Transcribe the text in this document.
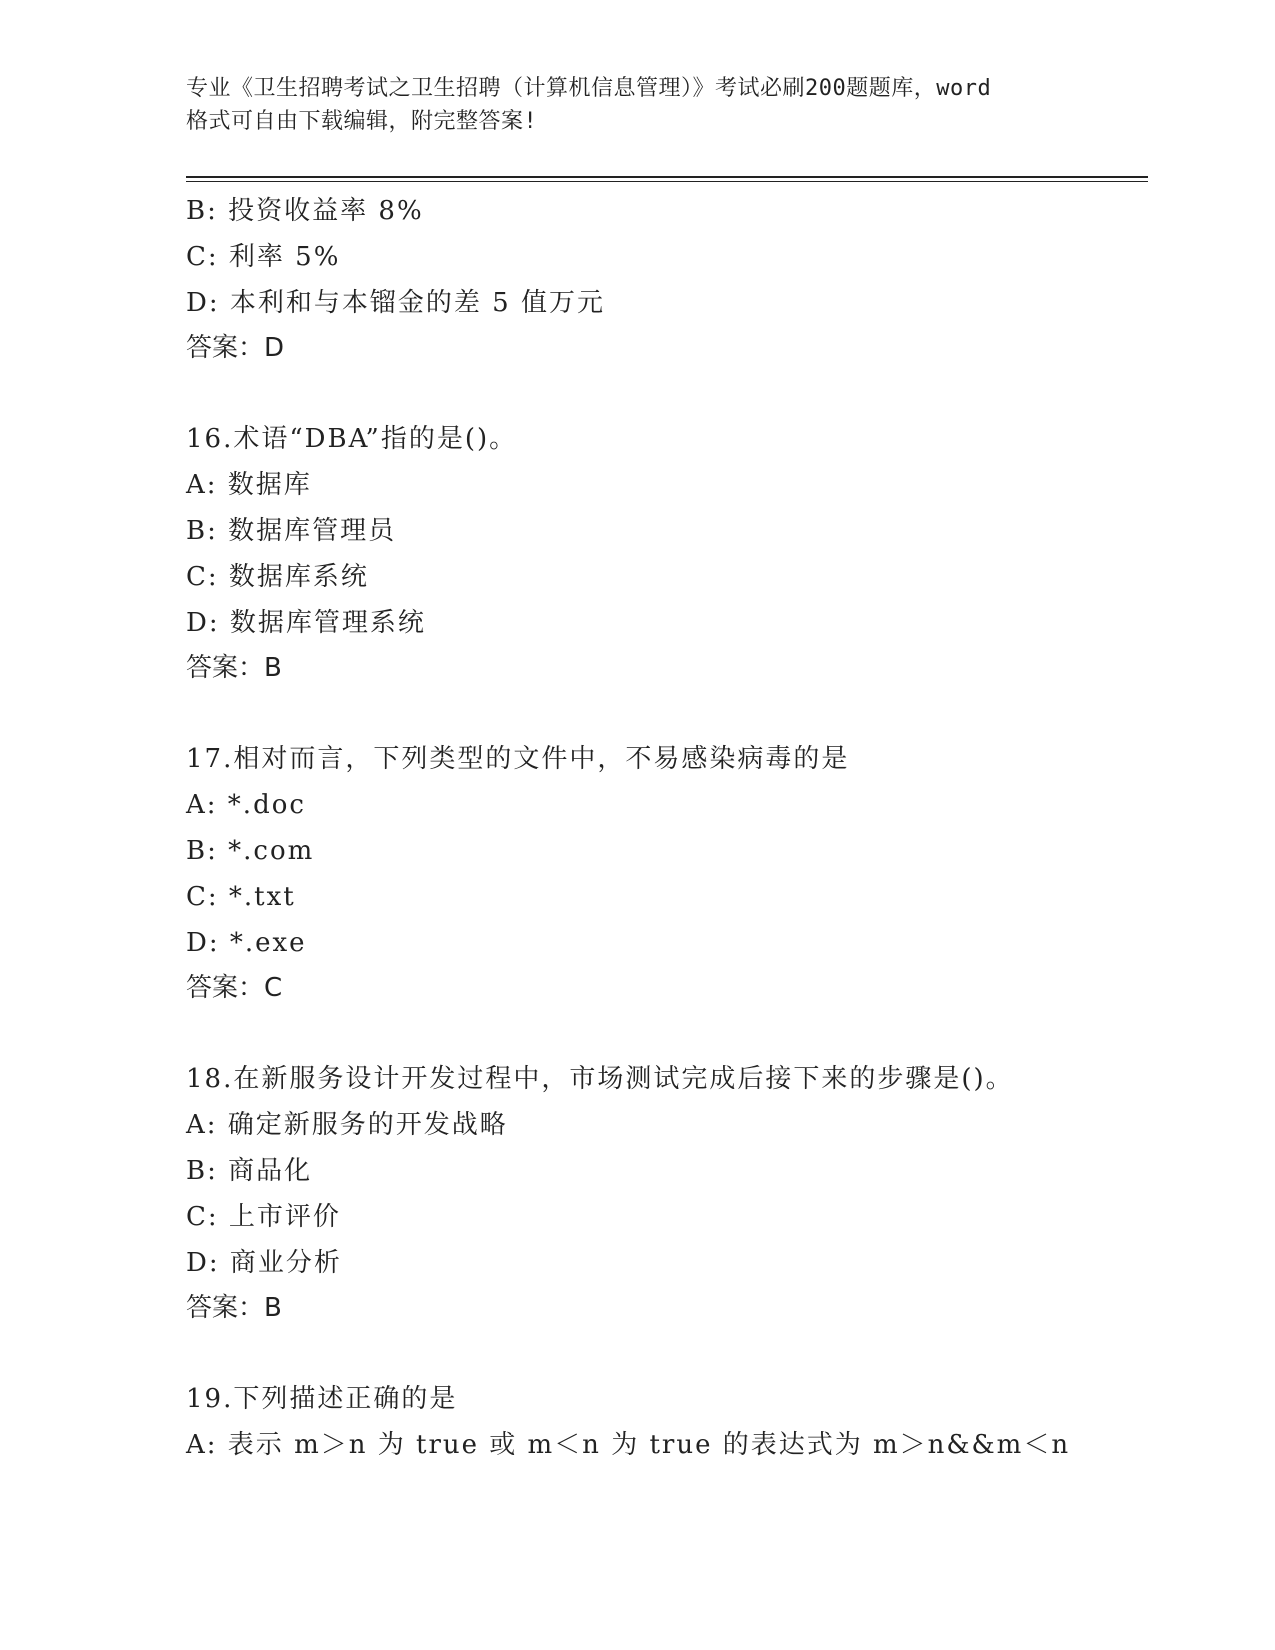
专业《卫生招聘考试之卫生招聘（计算机信息管理）》考试必刷200题题库，word
格式可自由下载编辑，附完整答案!
B: 投资收益率 8%
C: 利率 5%
D: 本利和与本镏金的差 5 值万元
答案：D
16.术语“DBA”指的是()。
A: 数据库
B: 数据库管理员
C: 数据库系统
D: 数据库管理系统
答案：B
17.相对而言，下列类型的文件中，不易感染病毒的是
A: *.doc
B: *.com
C: *.txt
D: *.exe
答案：C
18.在新服务设计开发过程中，市场测试完成后接下来的步骤是()。
A: 确定新服务的开发战略
B: 商品化
C: 上市评价
D: 商业分析
答案：B
19.下列描述正确的是
A: 表示 m＞n 为 true 或 m＜n 为 true 的表达式为 m＞n&&m＜n
